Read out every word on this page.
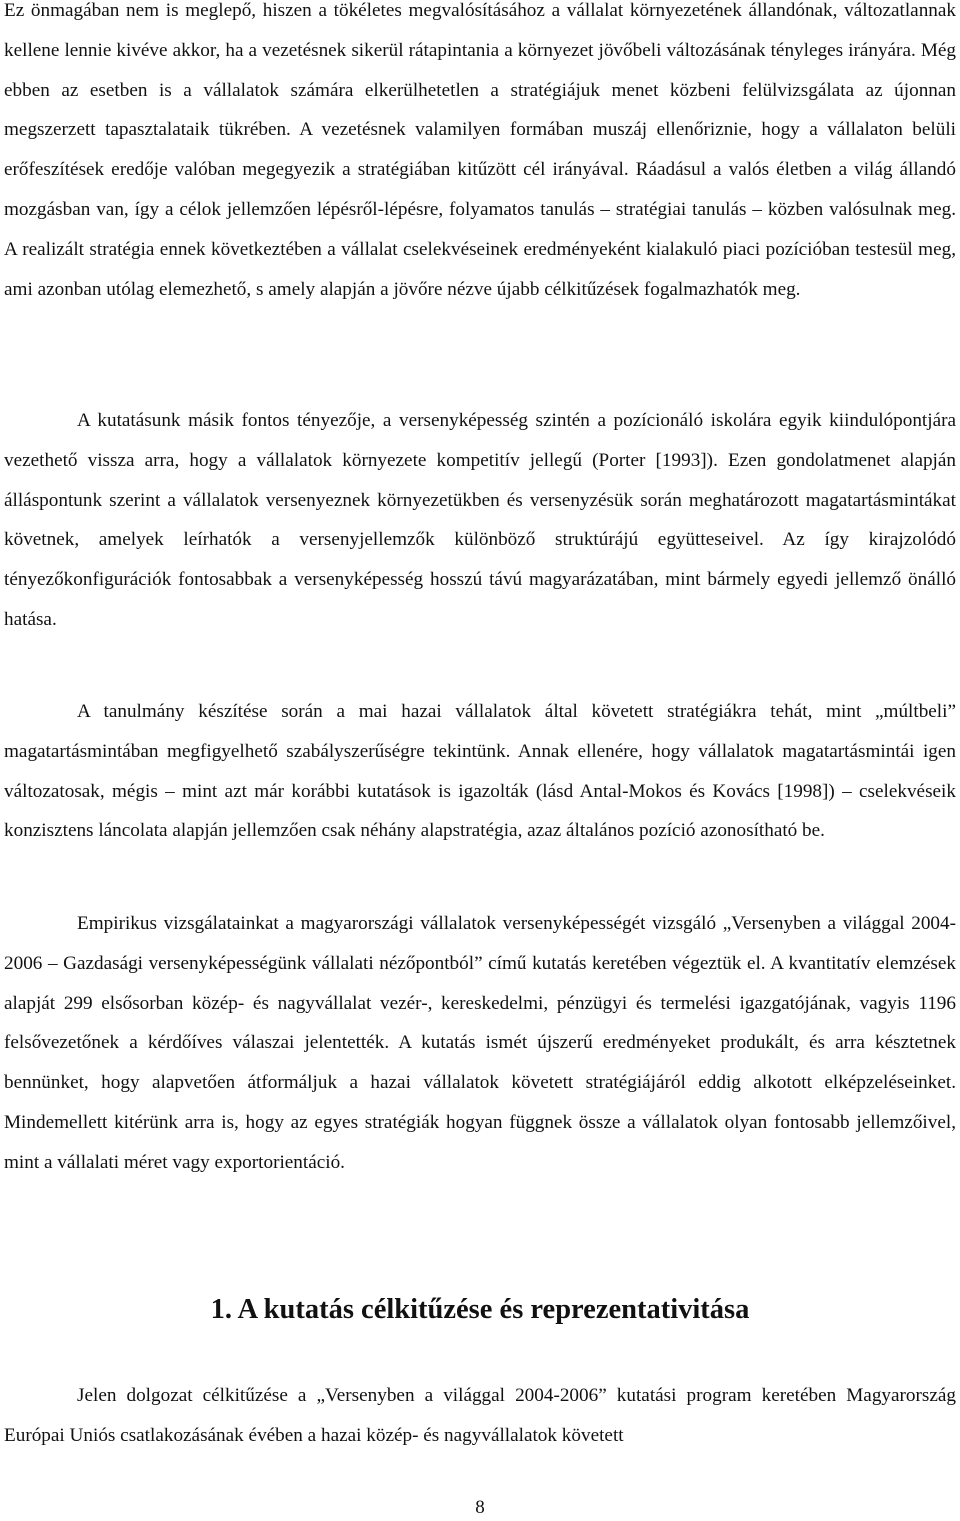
Ez önmagában nem is meglepő, hiszen a tökéletes megvalósításához a vállalat környezetének állandónak, változatlannak kellene lennie kivéve akkor, ha a vezetésnek sikerül rátapintania a környezet jövőbeli változásának tényleges irányára. Még ebben az esetben is a vállalatok számára elkerülhetetlen a stratégiájuk menet közbeni felülvizsgálata az újonnan megszerzett tapasztalataik tükrében. A vezetésnek valamilyen formában muszáj ellenőriznie, hogy a vállalaton belüli erőfeszítések eredője valóban megegyezik a stratégiában kitűzött cél irányával. Ráadásul a valós életben a világ állandó mozgásban van, így a célok jellemzően lépésről-lépésre, folyamatos tanulás – stratégiai tanulás – közben valósulnak meg. A realizált stratégia ennek következtében a vállalat cselekvéseinek eredményeként kialakuló piaci pozícióban testesül meg, ami azonban utólag elemezhető, s amely alapján a jövőre nézve újabb célkitűzések fogalmazhatók meg.

A kutatásunk másik fontos tényezője, a versenyképesség szintén a pozícionáló iskolára egyik kiindulópontjára vezethető vissza arra, hogy a vállalatok környezete kompetitív jellegű (Porter [1993]). Ezen gondolatmenet alapján álláspontunk szerint a vállalatok versenyeznek környezetükben és versenyzésük során meghatározott magatartásmintákat követnek, amelyek leírhatók a versenyjellemzők különböző struktúrájú együtteseivel. Az így kirajzolódó tényezőkonfigurációk fontosabbak a versenyképesség hosszú távú magyarázatában, mint bármely egyedi jellemző önálló hatása.

A tanulmány készítése során a mai hazai vállalatok által követett stratégiákra tehát, mint „múltbeli” magatartásmintában megfigyelhető szabályszerűségre tekintünk. Annak ellenére, hogy vállalatok magatartásmintái igen változatosak, mégis – mint azt már korábbi kutatások is igazolták (lásd Antal-Mokos és Kovács [1998]) – cselekvéseik konzisztens láncolata alapján jellemzően csak néhány alapstratégia, azaz általános pozíció azonosítható be.

Empirikus vizsgálatainkat a magyarországi vállalatok versenyképességét vizsgáló „Versenyben a világgal 2004-2006 – Gazdasági versenyképességünk vállalati nézőpontból” című kutatás keretében végeztük el. A kvantitatív elemzések alapját 299 elsősorban közép- és nagyvállalat vezér-, kereskedelmi, pénzügyi és termelési igazgatójának, vagyis 1196 felsővezetőnek a kérdőíves válaszai jelentették. A kutatás ismét újszerű eredményeket produkált, és arra késztetnek bennünket, hogy alapvetően átformáljuk a hazai vállalatok követett stratégiájáról eddig alkotott elképzeléseinket. Mindemellett kitérünk arra is, hogy az egyes stratégiák hogyan függnek össze a vállalatok olyan fontosabb jellemzőivel, mint a vállalati méret vagy exportorientáció.

1. A kutatás célkitűzése és reprezentativitása

Jelen dolgozat célkitűzése a „Versenyben a világgal 2004-2006” kutatási program keretében Magyarország Európai Uniós csatlakozásának évében a hazai közép- és nagyvállalatok követett

8
